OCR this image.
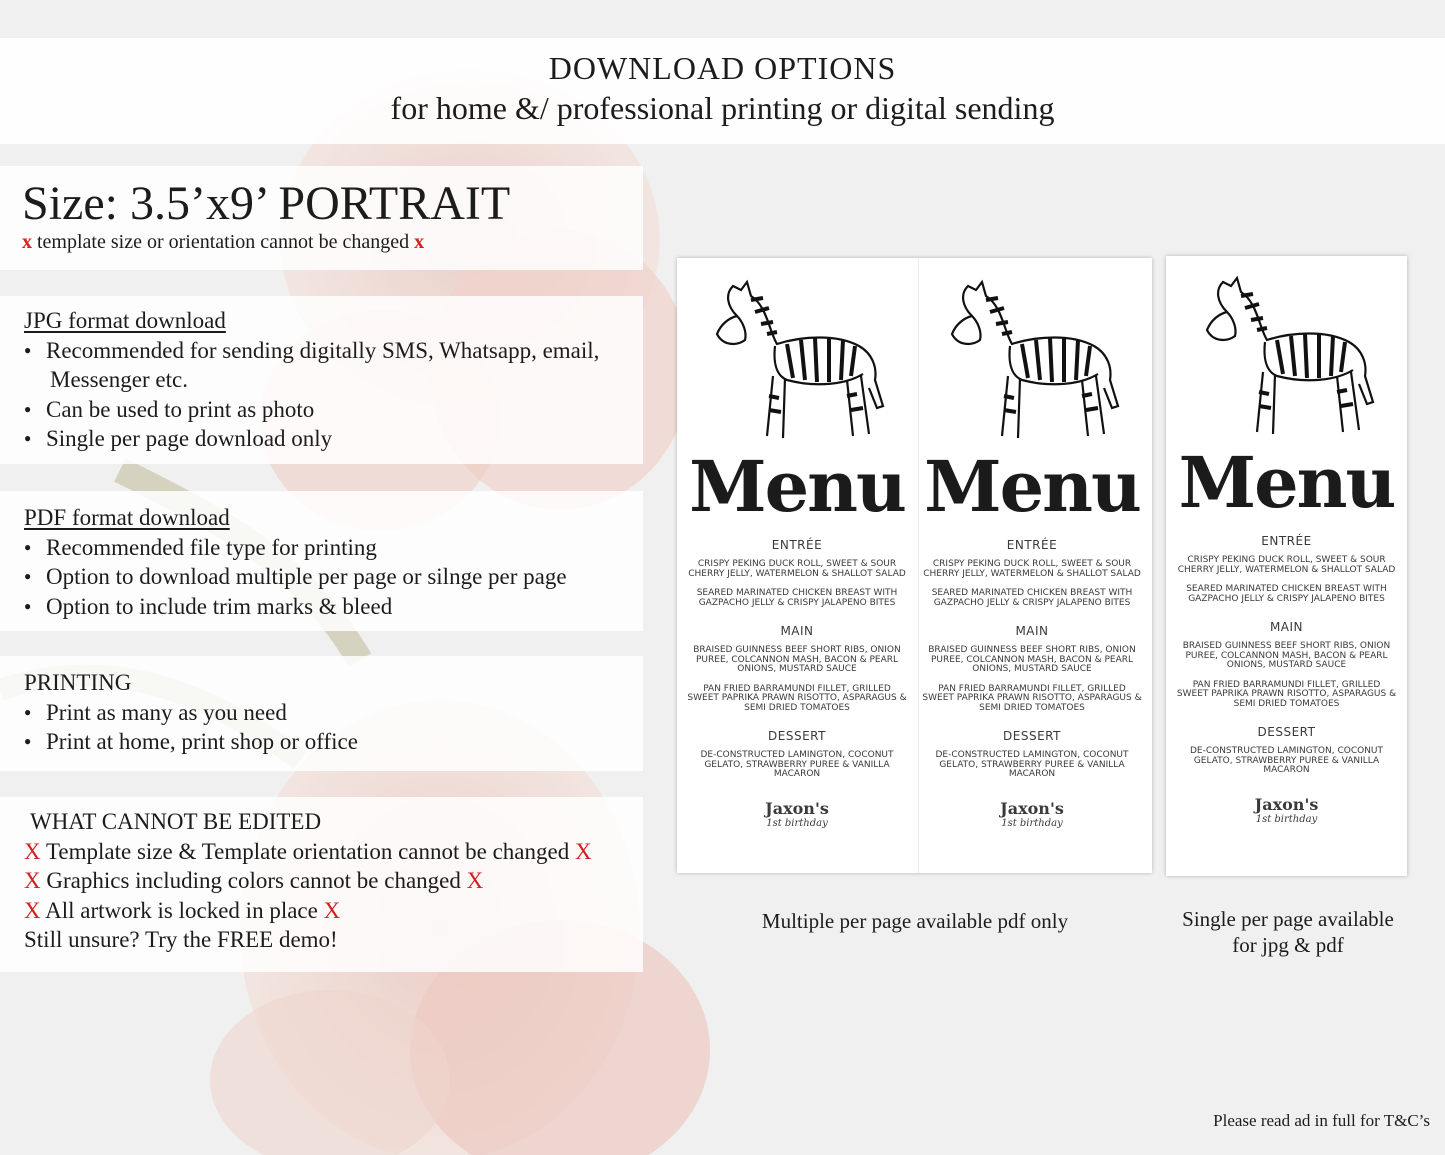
DOWNLOAD OPTIONS
for home &/ professional printing or digital sending
Size: 3.5’x9’ PORTRAIT
x template size or orientation cannot be changed x
JPG format download
● Recommended for sending digitally SMS, Whatsapp, email,
Messenger etc.
● Can be used to print as photo
● Single per page download only
PDF format download
● Recommended file type for printing
● Option to download multiple per page or silnge per page
● Option to include trim marks & bleed
PRINTING
● Print as many as you need
● Print at home, print shop or office
WHAT CANNOT BE EDITED
X Template size & Template orientation cannot be changed X
X Graphics including colors cannot be changed X
X All artwork is locked in place X
Still unsure? Try the FREE demo!
Menu
ENTRÉE
CRISPY PEKING DUCK ROLL, SWEET & SOUR CHERRY JELLY, WATERMELON & SHALLOT SALAD
SEARED MARINATED CHICKEN BREAST WITH GAZPACHO JELLY & CRISPY JALAPENO BITES
MAIN
BRAISED GUINNESS BEEF SHORT RIBS, ONION PUREE, COLCANNON MASH, BACON & PEARL ONIONS, MUSTARD SAUCE
PAN FRIED BARRAMUNDI FILLET, GRILLED SWEET PAPRIKA PRAWN RISOTTO, ASPARAGUS & SEMI DRIED TOMATOES
DESSERT
DE-CONSTRUCTED LAMINGTON, COCONUT GELATO, STRAWBERRY PUREE & VANILLA MACARON
Jaxon's
1st birthday
Menu
ENTRÉE
CRISPY PEKING DUCK ROLL, SWEET & SOUR CHERRY JELLY, WATERMELON & SHALLOT SALAD
SEARED MARINATED CHICKEN BREAST WITH GAZPACHO JELLY & CRISPY JALAPENO BITES
MAIN
BRAISED GUINNESS BEEF SHORT RIBS, ONION PUREE, COLCANNON MASH, BACON & PEARL ONIONS, MUSTARD SAUCE
PAN FRIED BARRAMUNDI FILLET, GRILLED SWEET PAPRIKA PRAWN RISOTTO, ASPARAGUS & SEMI DRIED TOMATOES
DESSERT
DE-CONSTRUCTED LAMINGTON, COCONUT GELATO, STRAWBERRY PUREE & VANILLA MACARON
Jaxon's
1st birthday
Menu
ENTRÉE
CRISPY PEKING DUCK ROLL, SWEET & SOUR CHERRY JELLY, WATERMELON & SHALLOT SALAD
SEARED MARINATED CHICKEN BREAST WITH GAZPACHO JELLY & CRISPY JALAPENO BITES
MAIN
BRAISED GUINNESS BEEF SHORT RIBS, ONION PUREE, COLCANNON MASH, BACON & PEARL ONIONS, MUSTARD SAUCE
PAN FRIED BARRAMUNDI FILLET, GRILLED SWEET PAPRIKA PRAWN RISOTTO, ASPARAGUS & SEMI DRIED TOMATOES
DESSERT
DE-CONSTRUCTED LAMINGTON, COCONUT GELATO, STRAWBERRY PUREE & VANILLA MACARON
Jaxon's
1st birthday
Multiple per page available pdf only	Single per page available
for jpg & pdf
Please read ad in full for T&C’s
